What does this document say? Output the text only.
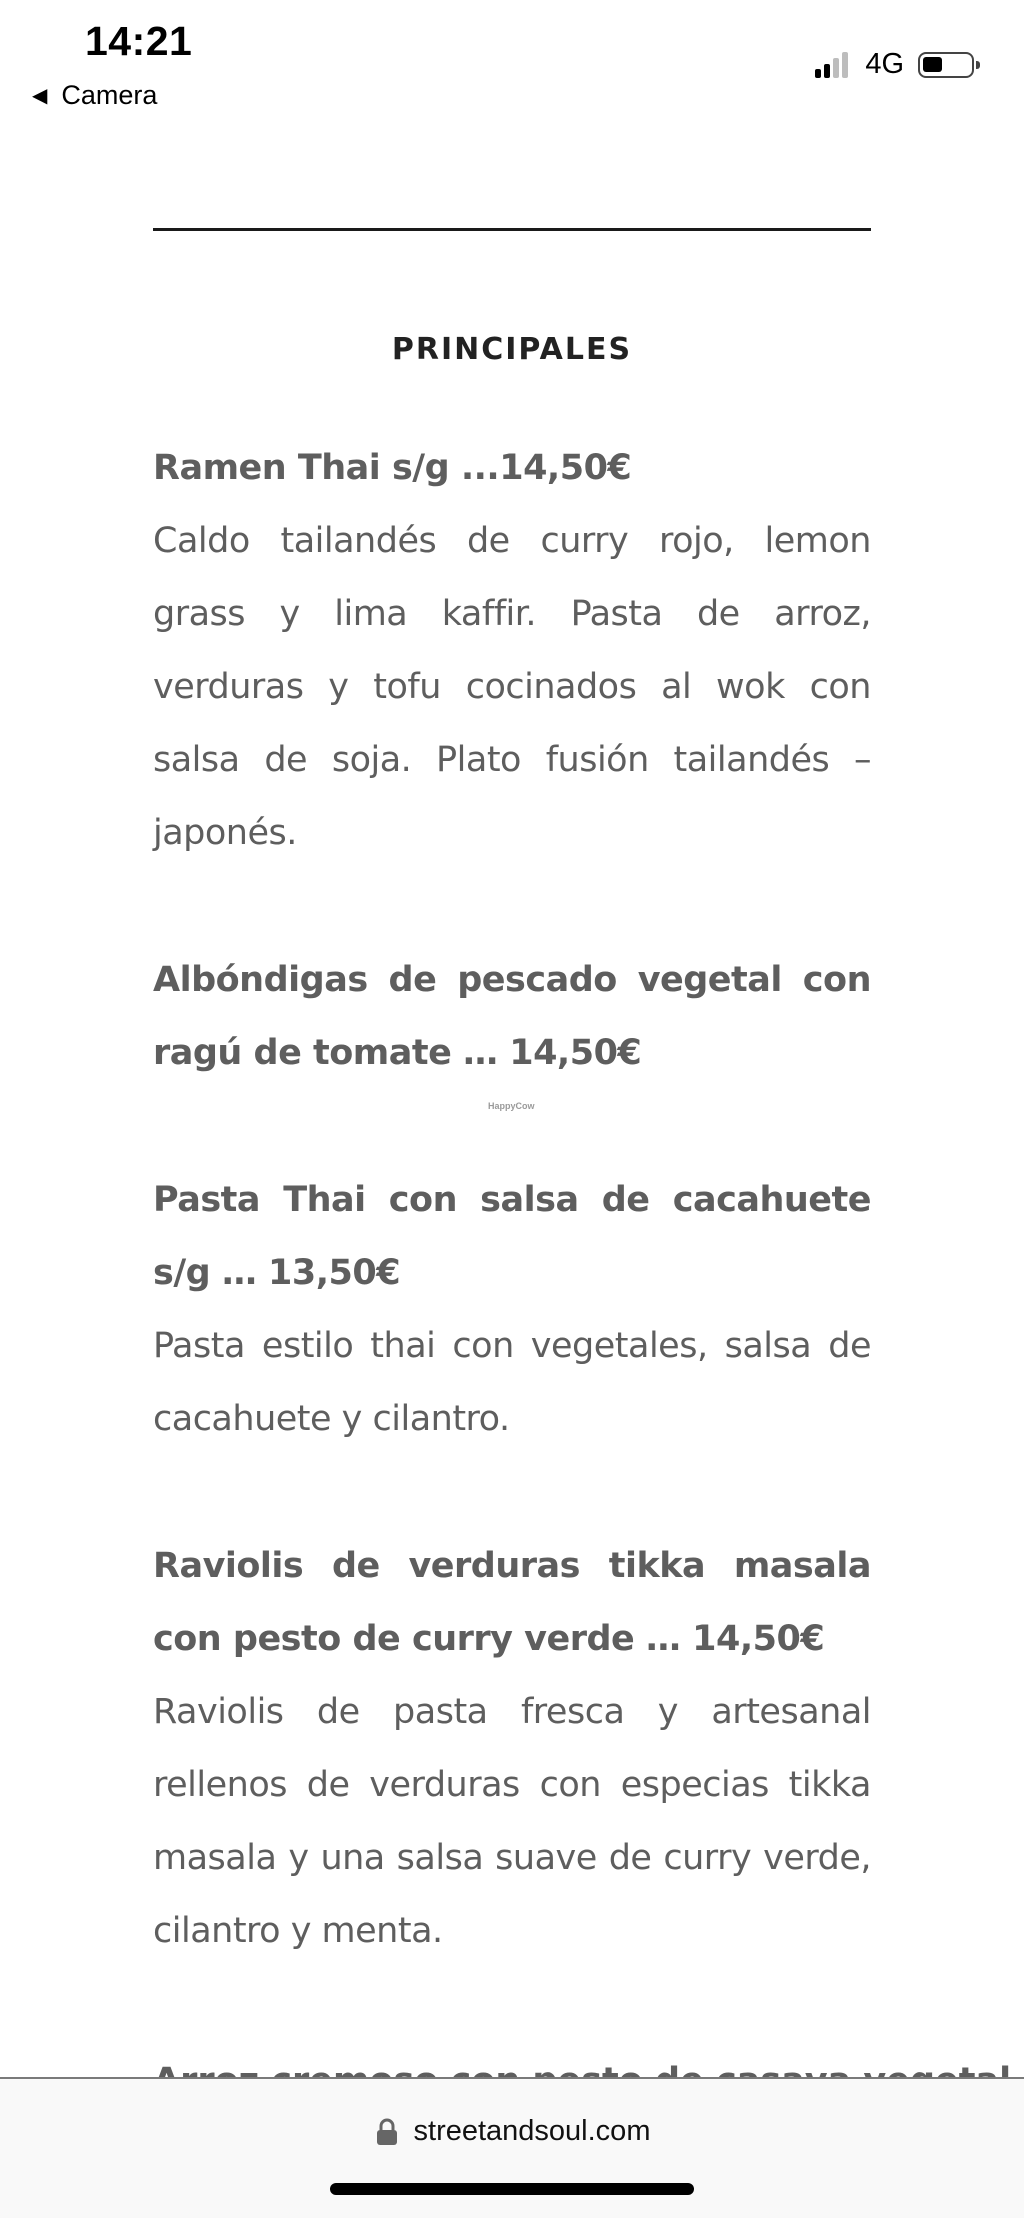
14:21
◀ Camera
4G
PRINCIPALES
Ramen Thai s/g ...14,50€
Caldo tailandés de curry rojo, lemon grass y lima kaffir. Pasta de arroz, verduras y tofu cocinados al wok con salsa de soja. Plato fusión tailandés – japonés.
Albóndigas de pescado vegetal con ragú de tomate … 14,50€
Pasta Thai con salsa de cacahuete s/g … 13,50€
Pasta estilo thai con vegetales, salsa de cacahuete y cilantro.
Raviolis de verduras tikka masala con pesto de curry verde … 14,50€
Raviolis de pasta fresca y artesanal rellenos de verduras con especias tikka masala y una salsa suave de curry verde, cilantro y menta.
HappyCow
streetandsoul.com
